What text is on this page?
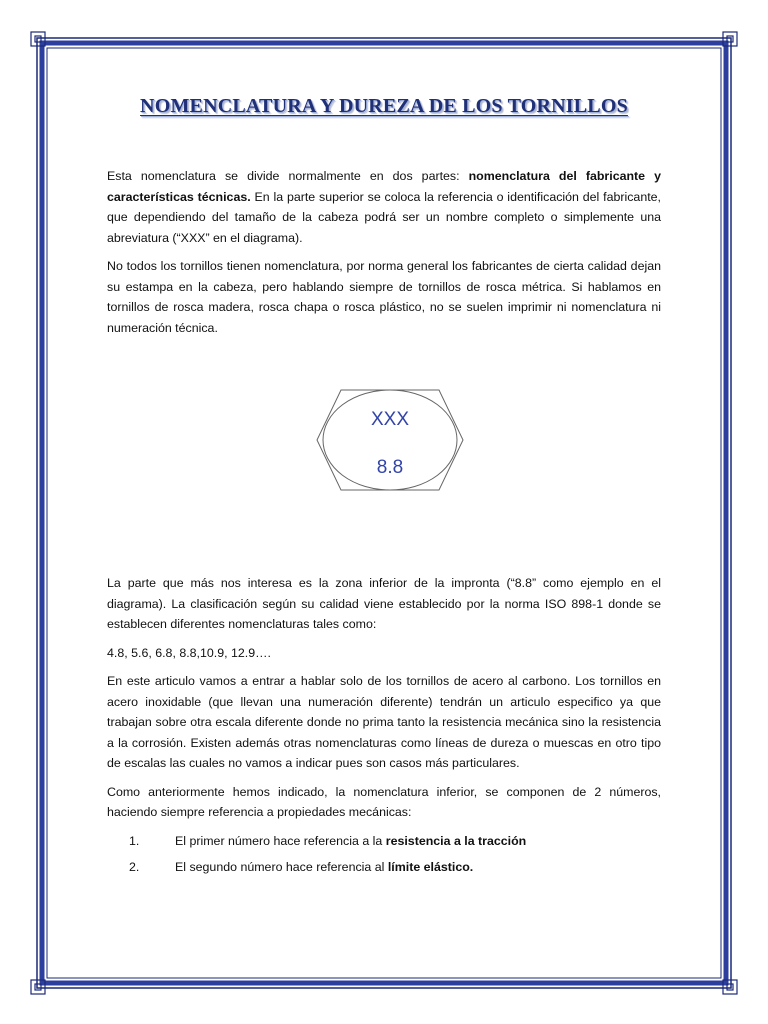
NOMENCLATURA Y DUREZA DE LOS TORNILLOS

Esta nomenclatura se divide normalmente en dos partes: nomenclatura del fabricante y características técnicas. En la parte superior se coloca la referencia o identificación del fabricante, que dependiendo del tamaño de la cabeza podrá ser un nombre completo o simplemente una abreviatura (“XXX” en el diagrama).

No todos los tornillos tienen nomenclatura, por norma general los fabricantes de cierta calidad dejan su estampa en la cabeza, pero hablando siempre de tornillos de rosca métrica. Si hablamos en tornillos de rosca madera, rosca chapa o rosca plástico, no se suelen imprimir ni nomenclatura ni numeración técnica.

XXX
8.8

La parte que más nos interesa es la zona inferior de la impronta (“8.8” como ejemplo en el diagrama). La clasificación según su calidad viene establecido por la norma ISO 898-1 donde se establecen diferentes nomenclaturas tales como:

4.8, 5.6, 6.8, 8.8,10.9, 12.9….

En este articulo vamos a entrar a hablar solo de los tornillos de acero al carbono. Los tornillos en acero inoxidable (que llevan una numeración diferente) tendrán un articulo especifico ya que trabajan sobre otra escala diferente donde no prima tanto la resistencia mecánica sino la resistencia a la corrosión. Existen además otras nomenclaturas como líneas de dureza o muescas en otro tipo de escalas las cuales no vamos a indicar pues son casos más particulares.

Como anteriormente hemos indicado, la nomenclatura inferior, se componen de 2 números, haciendo siempre referencia a propiedades mecánicas:

1.	El primer número hace referencia a la resistencia a la tracción
2.	El segundo número hace referencia al límite elástico.
